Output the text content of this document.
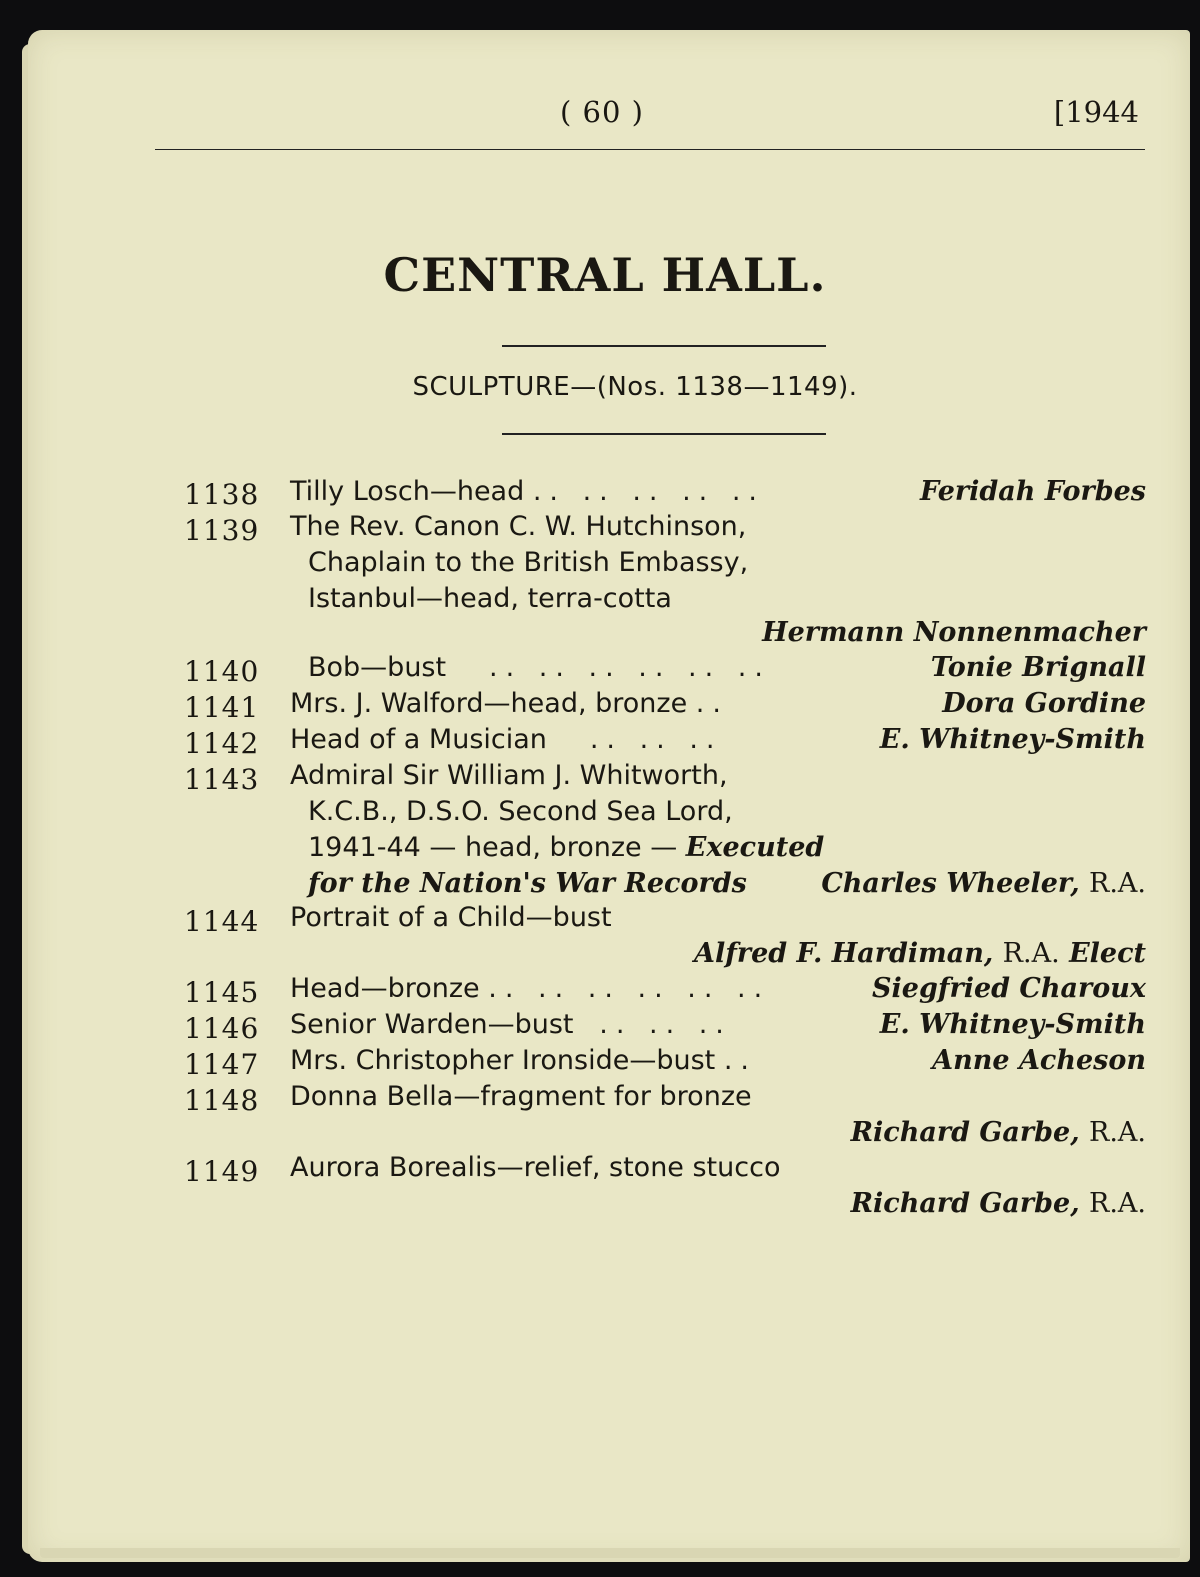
( 60 )	[1944
CENTRAL HALL.
SCULPTURE—(Nos. 1138—1149).
1138 Tilly Losch—head .. .. .. .. ..	Feridah Forbes
1139 The Rev. Canon C. W. Hutchinson,
Chaplain to the British Embassy,
Istanbul—head, terra-cotta
Hermann Nonnenmacher
1140 Bob—bust .. .. .. .. .. ..	Tonie Brignall
1141 Mrs. J. Walford—head, bronze ..	Dora Gordine
1142 Head of a Musician .. .. ..	E. Whitney-Smith
1143 Admiral Sir William J. Whitworth,
K.C.B., D.S.O. Second Sea Lord,
1941-44 — head, bronze — Executed
for the Nation's War Records	Charles Wheeler, R.A.
1144 Portrait of a Child—bust
Alfred F. Hardiman, R.A. Elect
1145 Head—bronze .. .. .. .. .. ..	Siegfried Charoux
1146 Senior Warden—bust .. .. ..	E. Whitney-Smith
1147 Mrs. Christopher Ironside—bust ..	Anne Acheson
1148 Donna Bella—fragment for bronze
Richard Garbe, R.A.
1149 Aurora Borealis—relief, stone stucco
Richard Garbe, R.A.
